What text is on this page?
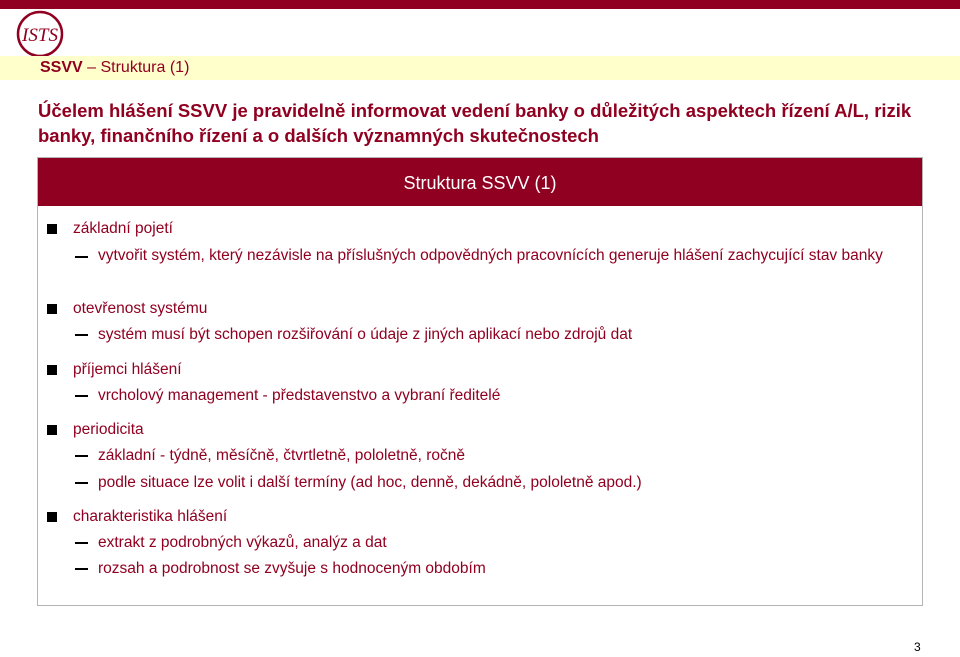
ISTS
SSVV – Struktura (1)
Účelem hlášení SSVV je pravidelně informovat vedení banky o důležitých aspektech řízení A/L, rizik banky, finančního řízení a o dalších významných skutečnostech
Struktura SSVV (1)
základní pojetí
vytvořit systém, který nezávisle na příslušných odpovědných pracovnících generuje hlášení zachycující stav banky
otevřenost systému
systém musí být schopen rozšiřování o údaje z jiných aplikací nebo zdrojů dat
příjemci hlášení
vrcholový management - představenstvo a vybraní ředitelé
periodicita
základní - týdně, měsíčně, čtvrtletně, pololetně, ročně
podle situace lze volit i další termíny (ad hoc, denně, dekádně, pololetně apod.)
charakteristika hlášení
extrakt z podrobných výkazů, analýz a dat
rozsah a podrobnost se zvyšuje s hodnoceným obdobím
3
